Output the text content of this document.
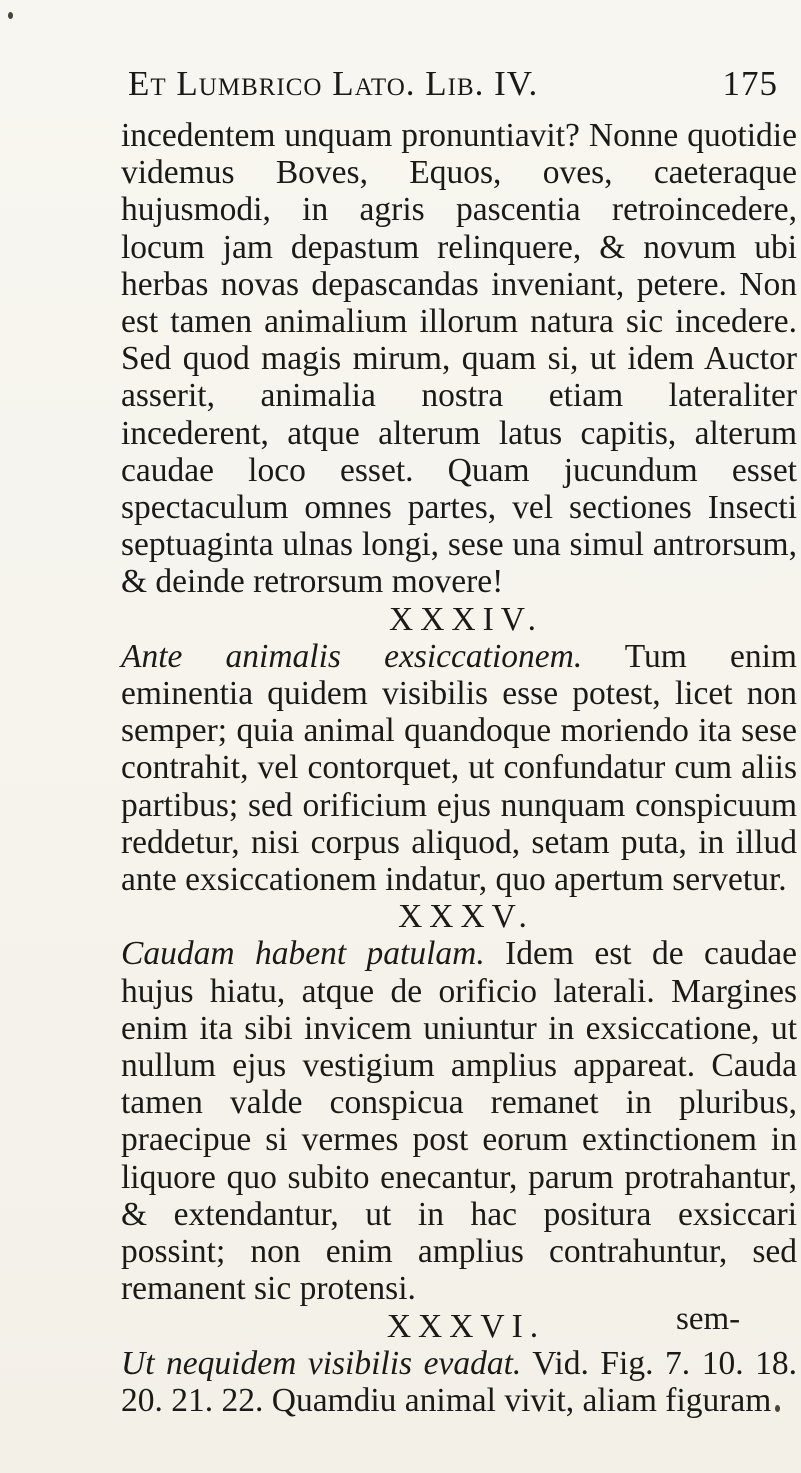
Et Lumbrico Lato. Lib. IV.	175

incedentem unquam pronuntiavit? Nonne quotidie videmus Boves, Equos, oves, caeteraque hujusmodi, in agris pascentia retroincedere, locum jam depastum relinquere, & novum ubi herbas novas depascandas inveniant, petere. Non est tamen animalium illorum natura sic incedere. Sed quod magis mirum, quam si, ut idem Auctor asserit, animalia nostra etiam lateraliter incederent, atque alterum latus capitis, alterum caudae loco esset. Quam jucundum esset spectaculum omnes partes, vel sectiones Insecti septuaginta ulnas longi, sese una simul antrorsum, & deinde retrorsum movere!

XXXIV.

Ante animalis exsiccationem. Tum enim eminentia quidem visibilis esse potest, licet non semper; quia animal quandoque moriendo ita sese contrahit, vel contorquet, ut confundatur cum aliis partibus; sed orificium ejus nunquam conspicuum reddetur, nisi corpus aliquod, setam puta, in illud ante exsiccationem indatur, quo apertum servetur.

XXXV.

Caudam habent patulam. Idem est de caudae hujus hiatu, atque de orificio laterali. Margines enim ita sibi invicem uniuntur in exsiccatione, ut nullum ejus vestigium amplius appareat. Cauda tamen valde conspicua remanet in pluribus, praecipue si vermes post eorum extinctionem in liquore quo subito enecantur, parum protrahantur, & extendantur, ut in hac positura exsiccari possint; non enim amplius contrahuntur, sed remanent sic protensi.

XXXVI.

Ut nequidem visibilis evadat. Vid. Fig. 7. 10. 18. 20. 21. 22. Quamdiu animal vivit, aliam figuram

sem-
